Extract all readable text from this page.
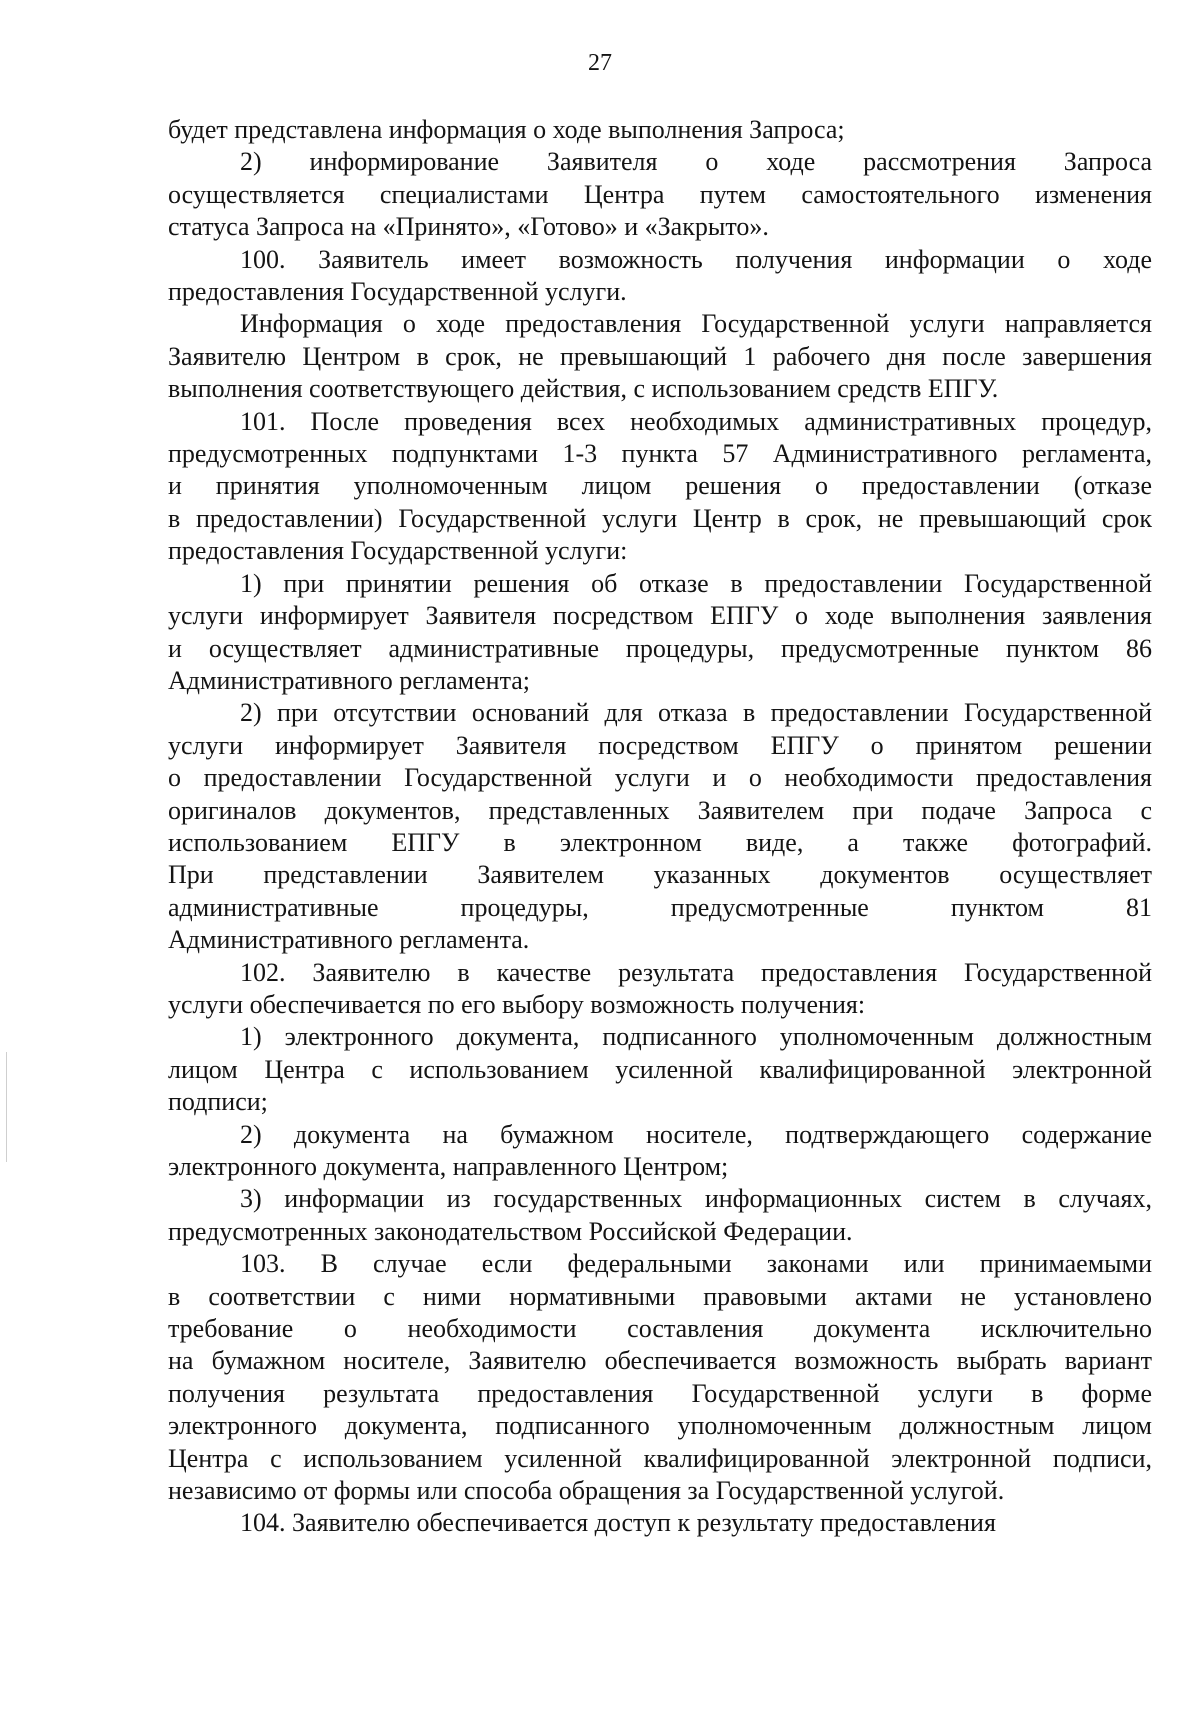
27
будет представлена информация о ходе выполнения Запроса;
2) информирование Заявителя о ходе рассмотрения Запроса
осуществляется специалистами Центра путем самостоятельного изменения
статуса Запроса на «Принято», «Готово» и «Закрыто».
100. Заявитель имеет возможность получения информации о ходе
предоставления Государственной услуги.
Информация о ходе предоставления Государственной услуги направляется
Заявителю Центром в срок, не превышающий 1 рабочего дня после завершения
выполнения соответствующего действия, с использованием средств ЕПГУ.
101. После проведения всех необходимых административных процедур,
предусмотренных подпунктами 1-3 пункта 57 Административного регламента,
и принятия уполномоченным лицом решения о предоставлении (отказе
в предоставлении) Государственной услуги Центр в срок, не превышающий срок
предоставления Государственной услуги:
1) при принятии решения об отказе в предоставлении Государственной
услуги информирует Заявителя посредством ЕПГУ о ходе выполнения заявления
и осуществляет административные процедуры, предусмотренные пунктом 86
Административного регламента;
2) при отсутствии оснований для отказа в предоставлении Государственной
услуги информирует Заявителя посредством ЕПГУ о принятом решении
о предоставлении Государственной услуги и о необходимости предоставления
оригиналов документов, представленных Заявителем при подаче Запроса с
использованием ЕПГУ в электронном виде, а также фотографий.
При представлении Заявителем указанных документов осуществляет
административные процедуры, предусмотренные пунктом 81
Административного регламента.
102. Заявителю в качестве результата предоставления Государственной
услуги обеспечивается по его выбору возможность получения:
1) электронного документа, подписанного уполномоченным должностным
лицом Центра с использованием усиленной квалифицированной электронной
подписи;
2) документа на бумажном носителе, подтверждающего содержание
электронного документа, направленного Центром;
3) информации из государственных информационных систем в случаях,
предусмотренных законодательством Российской Федерации.
103. В случае если федеральными законами или принимаемыми
в соответствии с ними нормативными правовыми актами не установлено
требование о необходимости составления документа исключительно
на бумажном носителе, Заявителю обеспечивается возможность выбрать вариант
получения результата предоставления Государственной услуги в форме
электронного документа, подписанного уполномоченным должностным лицом
Центра с использованием усиленной квалифицированной электронной подписи,
независимо от формы или способа обращения за Государственной услугой.
104. Заявителю обеспечивается доступ к результату предоставления
